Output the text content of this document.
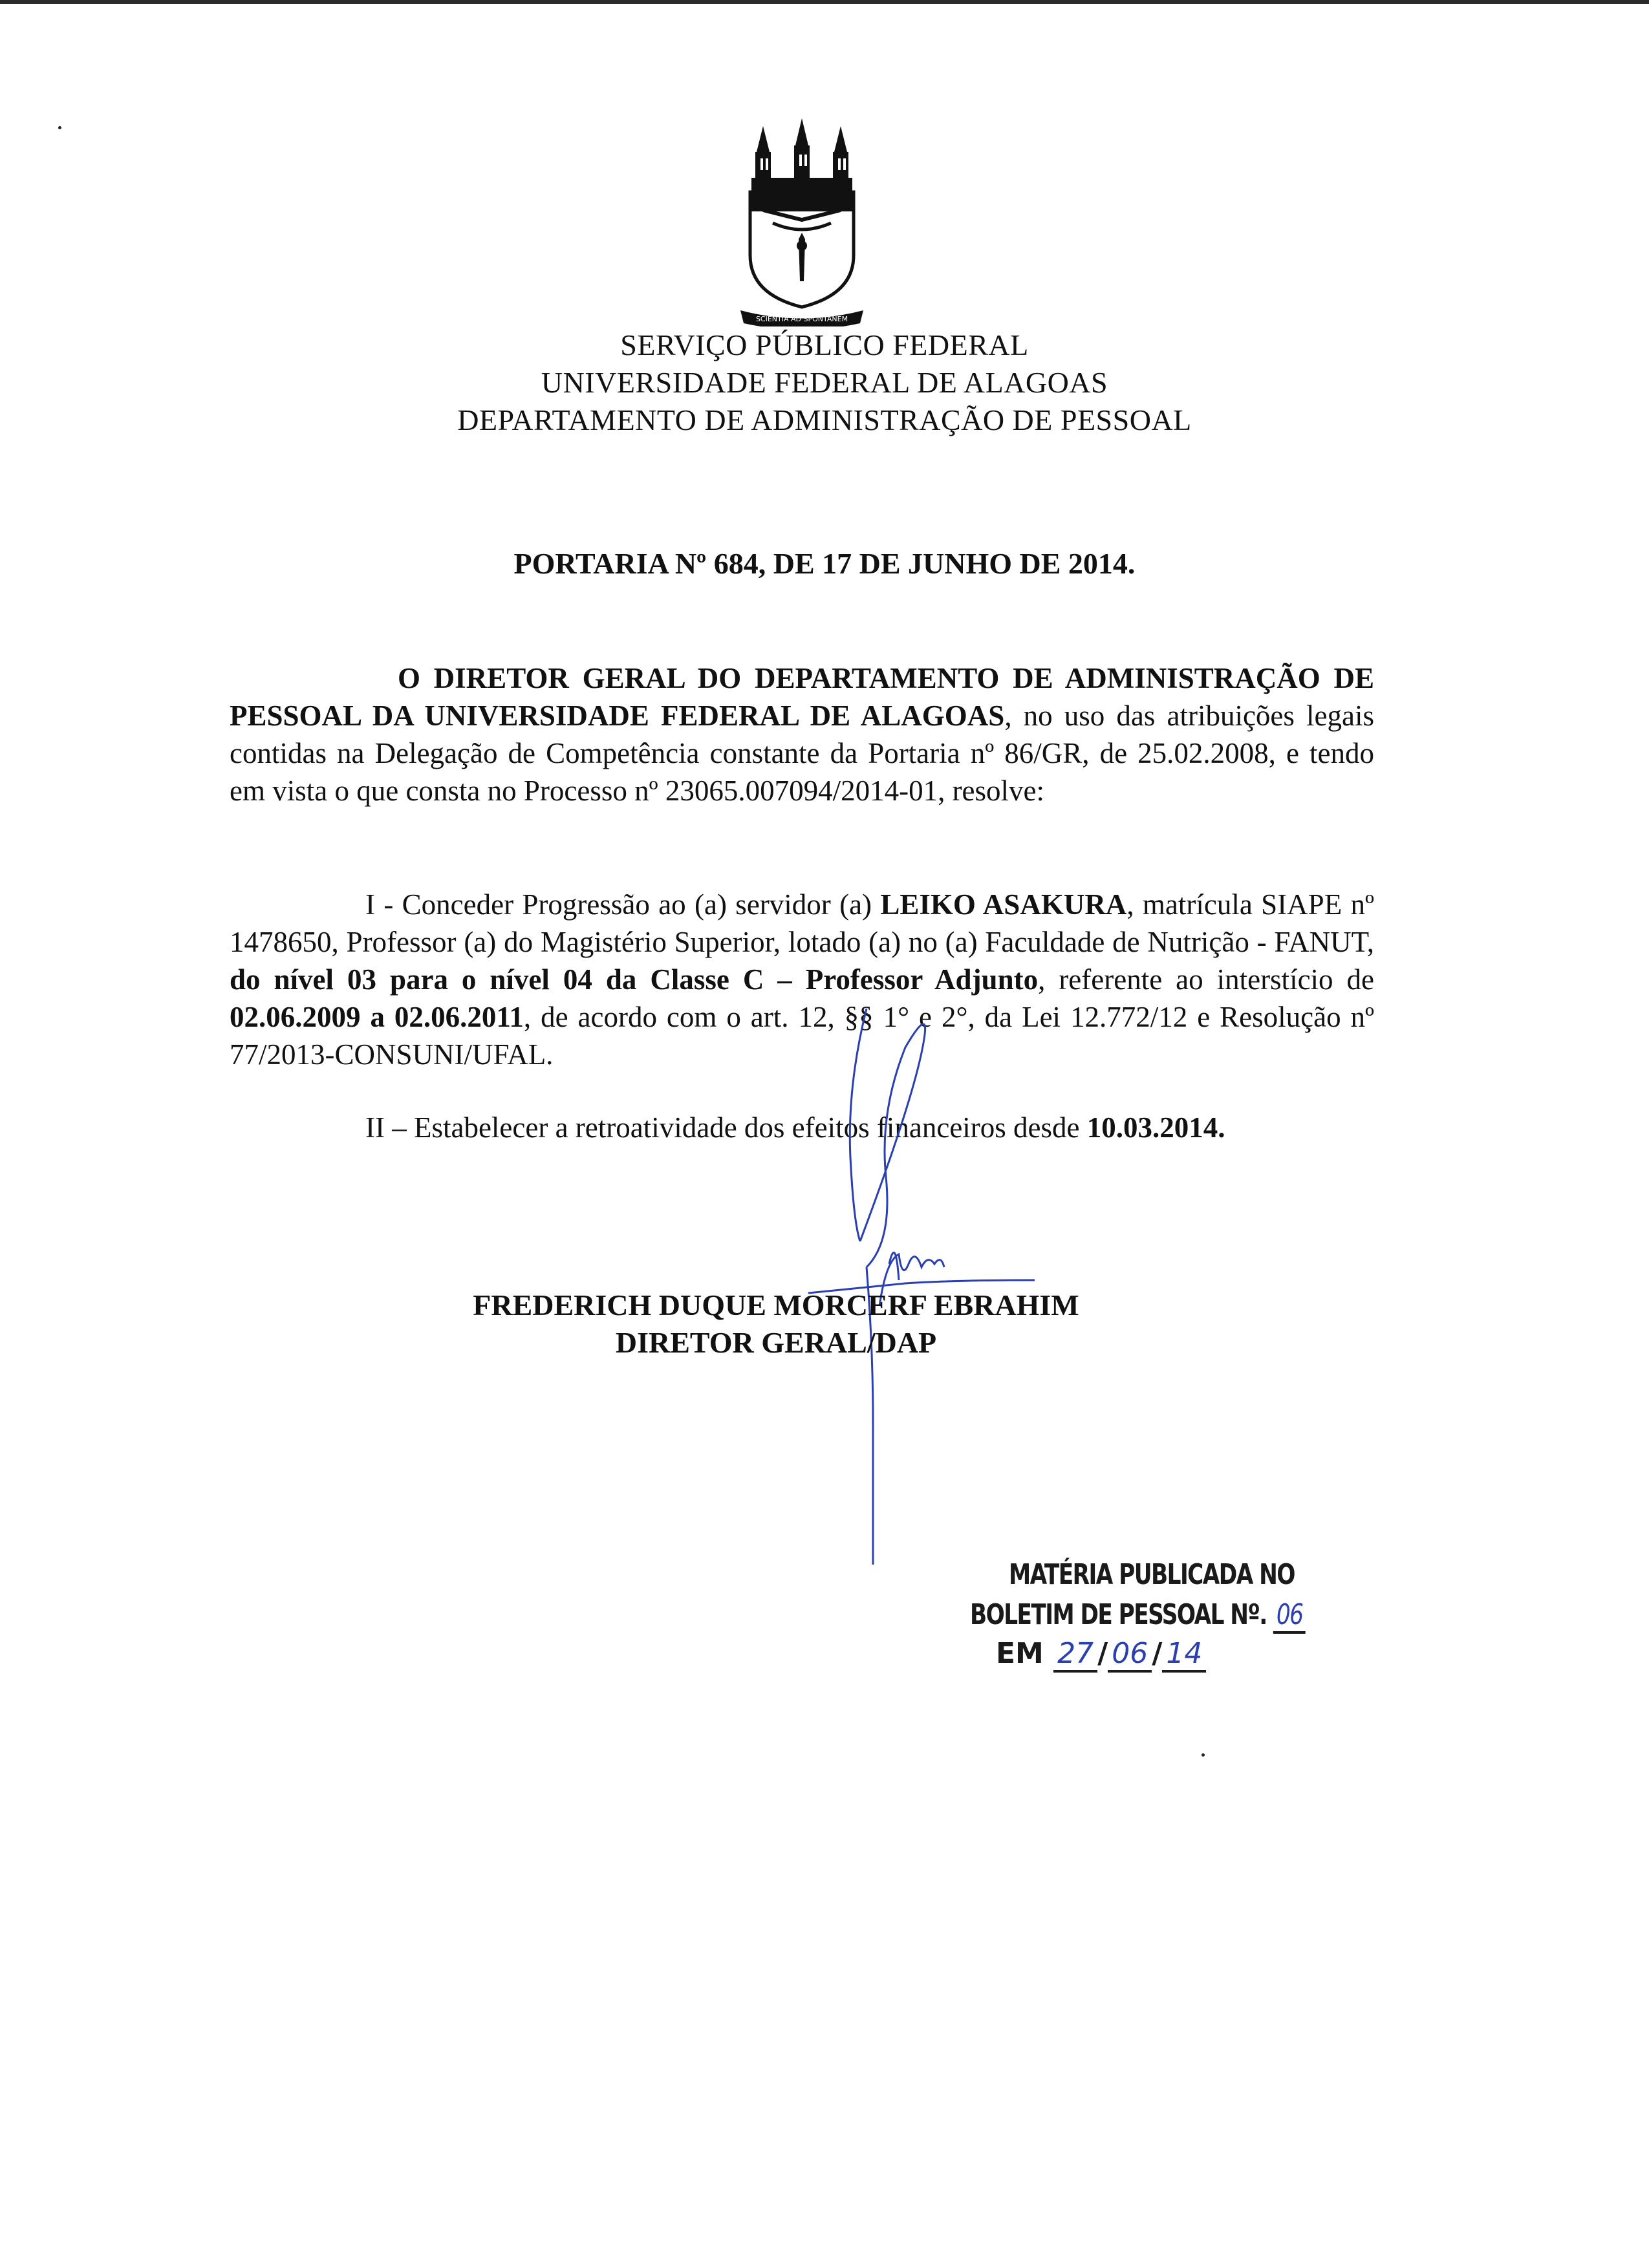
SCIENTIA AD SPONTANEM
SERVIÇO PÚBLICO FEDERAL
UNIVERSIDADE FEDERAL DE ALAGOAS
DEPARTAMENTO DE ADMINISTRAÇÃO DE PESSOAL
PORTARIA Nº 684, DE 17 DE JUNHO DE 2014.
O DIRETOR GERAL DO DEPARTAMENTO DE ADMINISTRAÇÃO DE PESSOAL DA UNIVERSIDADE FEDERAL DE ALAGOAS, no uso das atribuições legais contidas na Delegação de Competência constante da Portaria nº 86/GR, de 25.02.2008, e tendo em vista o que consta no Processo nº 23065.007094/2014-01, resolve:
I - Conceder Progressão ao (a) servidor (a) LEIKO ASAKURA, matrícula SIAPE nº 1478650, Professor (a) do Magistério Superior, lotado (a) no (a) Faculdade de Nutrição - FANUT, do nível 03 para o nível 04 da Classe C – Professor Adjunto, referente ao interstício de 02.06.2009 a 02.06.2011, de acordo com o art. 12, §§ 1° e 2°, da Lei 12.772/12 e Resolução nº 77/2013-CONSUNI/UFAL.
II – Estabelecer a retroatividade dos efeitos financeiros desde 10.03.2014.
FREDERICH DUQUE MORCERF EBRAHIM
DIRETOR GERAL/DAP
MATÉRIA PUBLICADA NO
BOLETIM DE PESSOAL Nº. 06
EM 27 / 06 / 14
